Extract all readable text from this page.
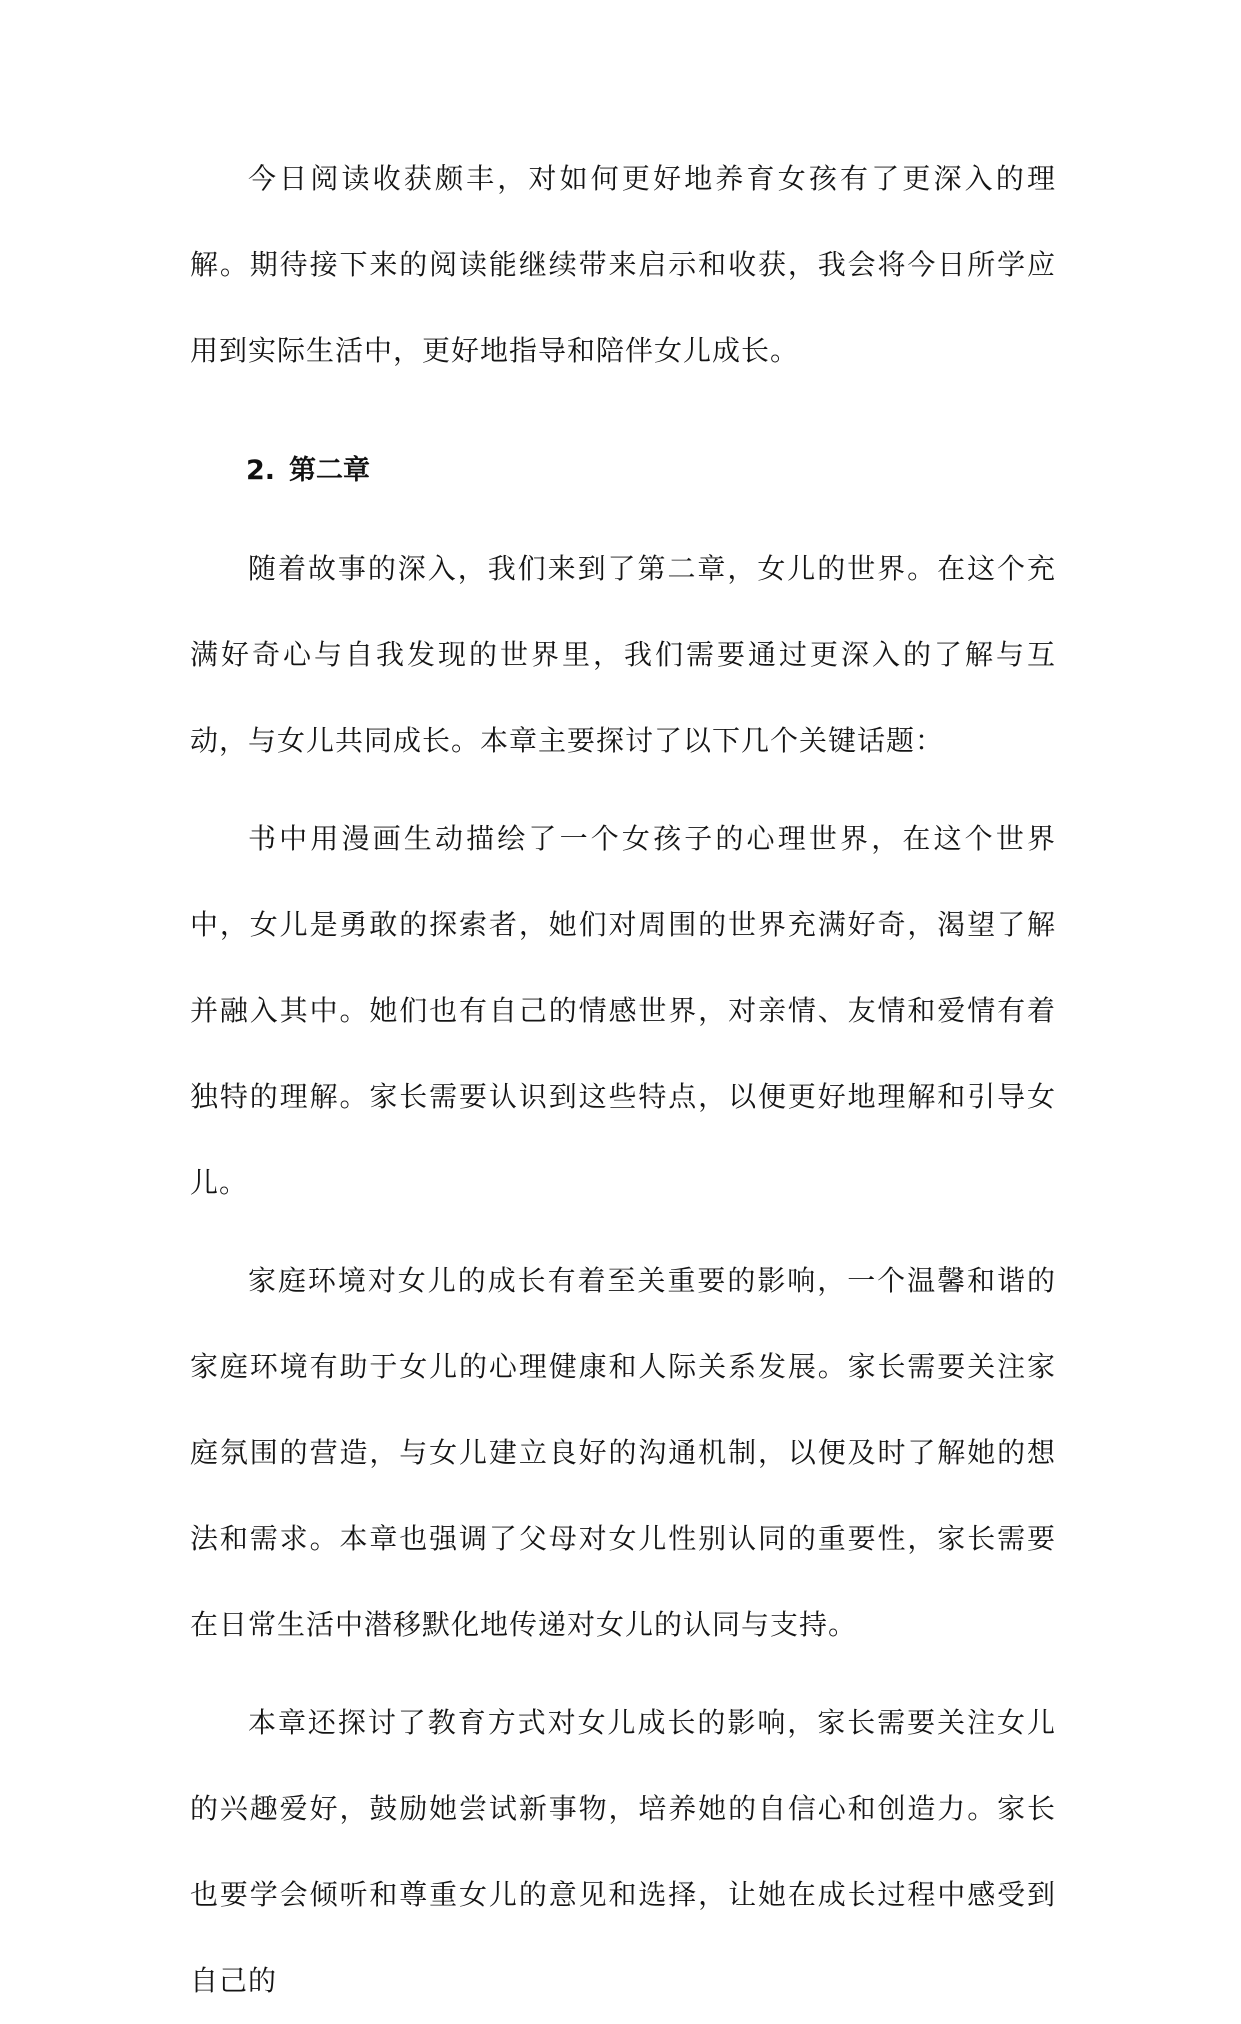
今日阅读收获颇丰，对如何更好地养育女孩有了更深入的理解。期待接下来的阅读能继续带来启示和收获，我会将今日所学应用到实际生活中，更好地指导和陪伴女儿成长。

2. 第二章

随着故事的深入，我们来到了第二章，女儿的世界。在这个充满好奇心与自我发现的世界里，我们需要通过更深入的了解与互动，与女儿共同成长。本章主要探讨了以下几个关键话题：

书中用漫画生动描绘了一个女孩子的心理世界，在这个世界中，女儿是勇敢的探索者，她们对周围的世界充满好奇，渴望了解并融入其中。她们也有自己的情感世界，对亲情、友情和爱情有着独特的理解。家长需要认识到这些特点，以便更好地理解和引导女儿。

家庭环境对女儿的成长有着至关重要的影响，一个温馨和谐的家庭环境有助于女儿的心理健康和人际关系发展。家长需要关注家庭氛围的营造，与女儿建立良好的沟通机制，以便及时了解她的想法和需求。本章也强调了父母对女儿性别认同的重要性，家长需要在日常生活中潜移默化地传递对女儿的认同与支持。

本章还探讨了教育方式对女儿成长的影响，家长需要关注女儿的兴趣爱好，鼓励她尝试新事物，培养她的自信心和创造力。家长也要学会倾听和尊重女儿的意见和选择，让她在成长过程中感受到自己的
